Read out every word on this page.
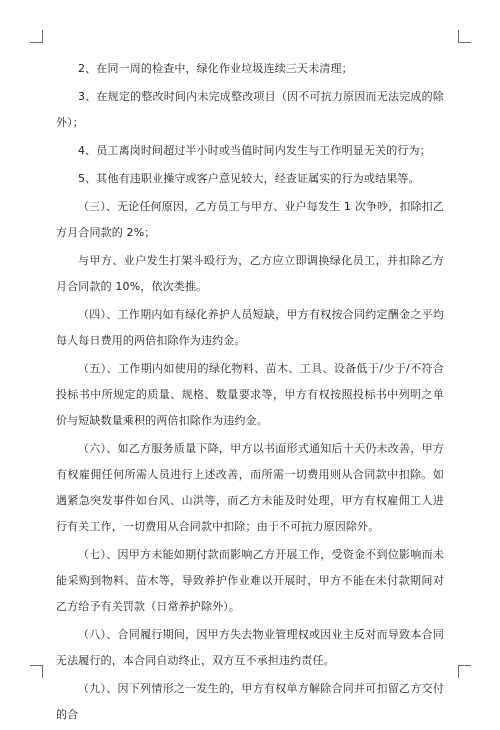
2、在同一周的检查中，绿化作业垃圾连续三天未清理；

3、在规定的整改时间内未完成整改项目（因不可抗力原因而无法完成的除外）；

4、员工离岗时间超过半小时或当值时间内发生与工作明显无关的行为；

5、其他有违职业操守或客户意见较大，经查证属实的行为或结果等。

（三）、无论任何原因，乙方员工与甲方、业户每发生 1 次争吵，扣除扣乙方月合同款的 2%；

与甲方、业户发生打架斗殴行为，乙方应立即调换绿化员工，并扣除乙方月合同款的 10%，依次类推。

（四）、工作期内如有绿化养护人员短缺，甲方有权按合同约定酬金之平均每人每日费用的两倍扣除作为违约金。

（五）、工作期内如使用的绿化物料、苗木、工具、设备低于/少于/不符合投标书中所规定的质量、规格、数量要求等，甲方有权按照投标书中列明之单价与短缺数量乘积的两倍扣除作为违约金。

（六）、如乙方服务质量下降，甲方以书面形式通知后十天仍未改善，甲方有权雇佣任何所需人员进行上述改善，而所需一切费用则从合同款中扣除。如遇紧急突发事件如台风、山洪等，而乙方未能及时处理，甲方有权雇佣工人进行有关工作，一切费用从合同款中扣除；由于不可抗力原因除外。

（七）、因甲方未能如期付款而影响乙方开展工作，受资金不到位影响而未能采购到物料、苗木等，导致养护作业难以开展时，甲方不能在未付款期间对乙方给予有关罚款（日常养护除外）。

（八）、合同履行期间，因甲方失去物业管理权或因业主反对而导致本合同无法履行的，本合同自动终止，双方互不承担违约责任。

（九）、因下列情形之一发生的，甲方有权单方解除合同并可扣留乙方交付的合
